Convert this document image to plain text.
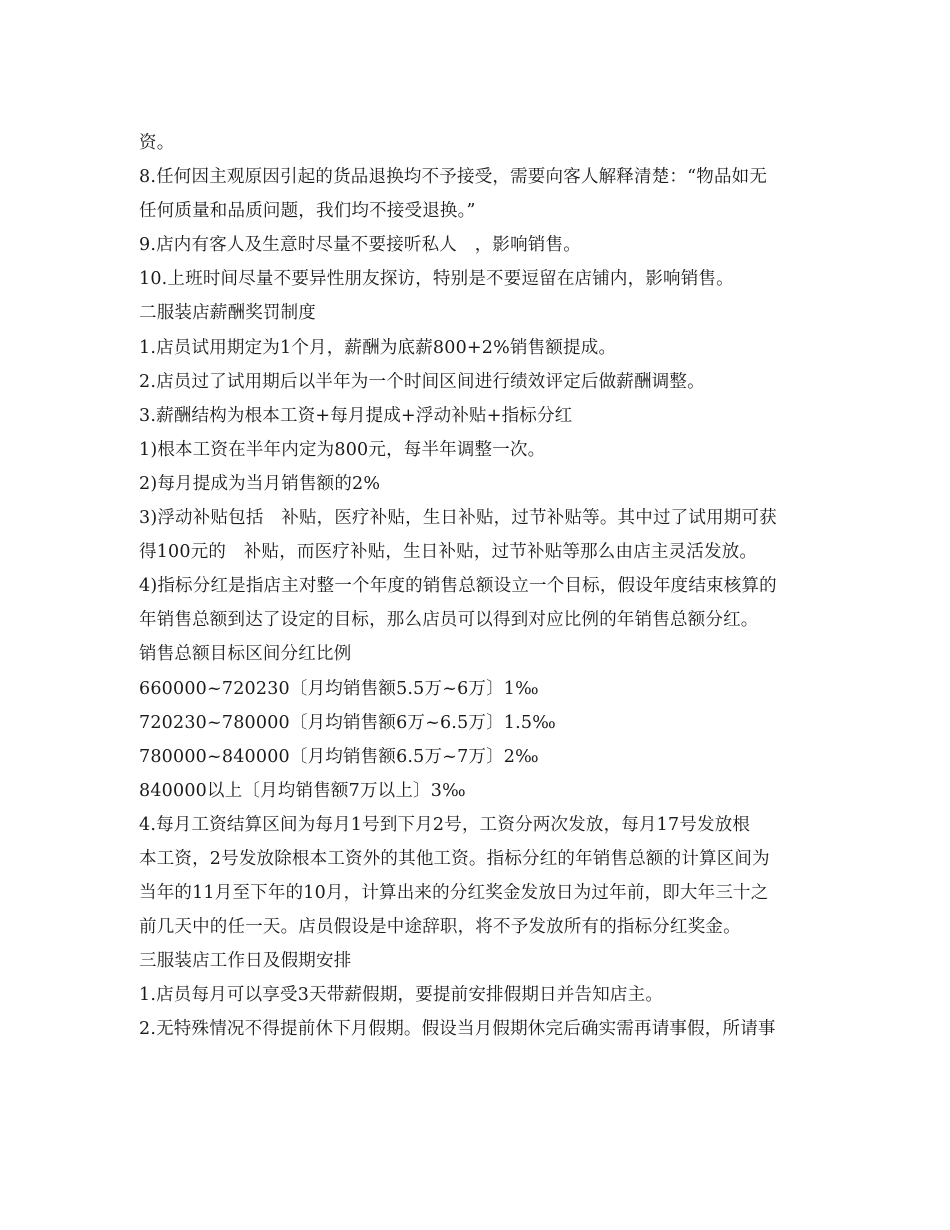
资。
8.任何因主观原因引起的货品退换均不予接受，需要向客人解释清楚：“物品如无
任何质量和品质问题，我们均不接受退换。”
9.店内有客人及生意时尽量不要接听私人　，影响销售。
10.上班时间尽量不要异性朋友探访，特别是不要逗留在店铺内，影响销售。
二服装店薪酬奖罚制度
1.店员试用期定为1个月，薪酬为底薪800+2%销售额提成。
2.店员过了试用期后以半年为一个时间区间进行绩效评定后做薪酬调整。
3.薪酬结构为根本工资+每月提成+浮动补贴+指标分红
1)根本工资在半年内定为800元，每半年调整一次。
2)每月提成为当月销售额的2%
3)浮动补贴包括　补贴，医疗补贴，生日补贴，过节补贴等。其中过了试用期可获
得100元的　补贴，而医疗补贴，生日补贴，过节补贴等那么由店主灵活发放。
4)指标分红是指店主对整一个年度的销售总额设立一个目标，假设年度结束核算的
年销售总额到达了设定的目标，那么店员可以得到对应比例的年销售总额分红。
销售总额目标区间分红比例
660000~720230〔月均销售额5.5万~6万〕1‰
720230~780000〔月均销售额6万~6.5万〕1.5‰
780000~840000〔月均销售额6.5万~7万〕2‰
840000以上〔月均销售额7万以上〕3‰
4.每月工资结算区间为每月1号到下月2号，工资分两次发放，每月17号发放根
本工资，2号发放除根本工资外的其他工资。指标分红的年销售总额的计算区间为
当年的11月至下年的10月，计算出来的分红奖金发放日为过年前，即大年三十之
前几天中的任一天。店员假设是中途辞职，将不予发放所有的指标分红奖金。
三服装店工作日及假期安排
1.店员每月可以享受3天带薪假期，要提前安排假期日并告知店主。
2.无特殊情况不得提前休下月假期。假设当月假期休完后确实需再请事假，所请事
